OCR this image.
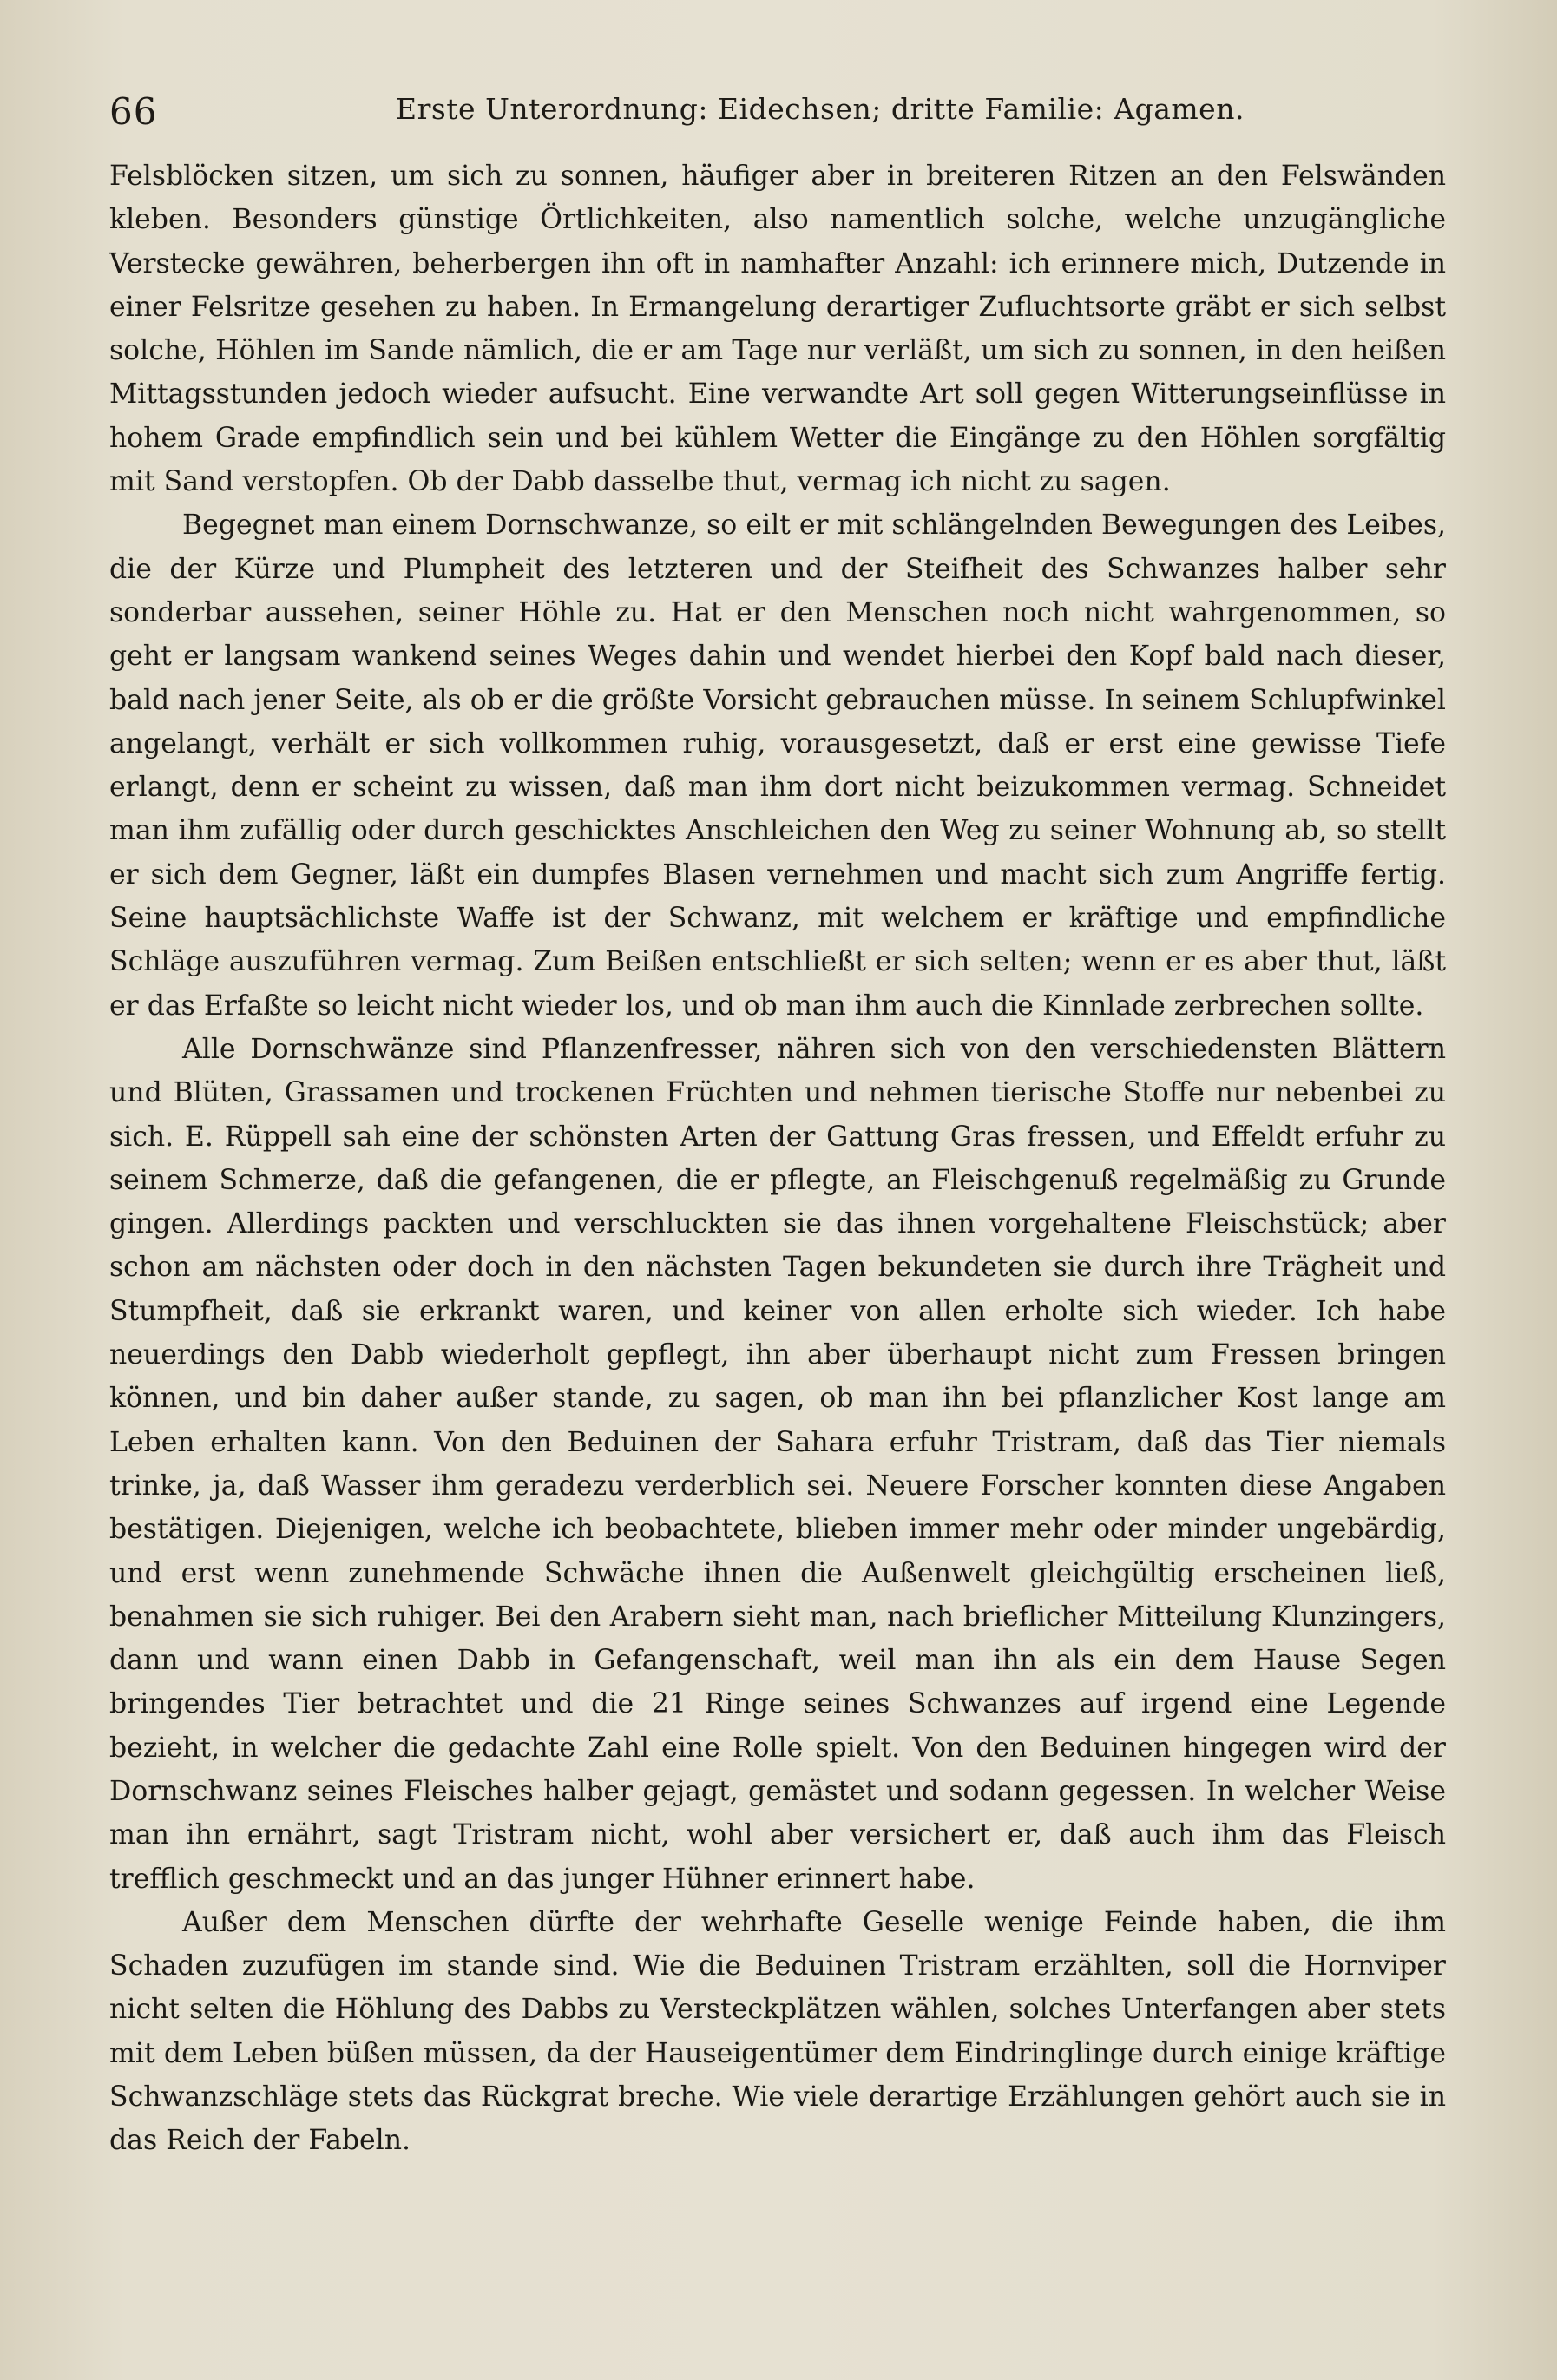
66	Erste Unterordnung: Eidechsen; dritte Familie: Agamen.

Felsblöcken sitzen, um sich zu sonnen, häufiger aber in breiteren Ritzen an den Felswänden kleben. Besonders günstige Örtlichkeiten, also namentlich solche, welche unzugängliche Verstecke gewähren, beherbergen ihn oft in namhafter Anzahl: ich erinnere mich, Dutzende in einer Felsritze gesehen zu haben. In Ermangelung derartiger Zufluchtsorte gräbt er sich selbst solche, Höhlen im Sande nämlich, die er am Tage nur verläßt, um sich zu sonnen, in den heißen Mittagsstunden jedoch wieder aufsucht. Eine verwandte Art soll gegen Witterungseinflüsse in hohem Grade empfindlich sein und bei kühlem Wetter die Eingänge zu den Höhlen sorgfältig mit Sand verstopfen. Ob der Dabb dasselbe thut, vermag ich nicht zu sagen.

Begegnet man einem Dornschwanze, so eilt er mit schlängelnden Bewegungen des Leibes, die der Kürze und Plumpheit des letzteren und der Steifheit des Schwanzes halber sehr sonderbar aussehen, seiner Höhle zu. Hat er den Menschen noch nicht wahrgenommen, so geht er langsam wankend seines Weges dahin und wendet hierbei den Kopf bald nach dieser, bald nach jener Seite, als ob er die größte Vorsicht gebrauchen müsse. In seinem Schlupfwinkel angelangt, verhält er sich vollkommen ruhig, vorausgesetzt, daß er erst eine gewisse Tiefe erlangt, denn er scheint zu wissen, daß man ihm dort nicht beizukommen vermag. Schneidet man ihm zufällig oder durch geschicktes Anschleichen den Weg zu seiner Wohnung ab, so stellt er sich dem Gegner, läßt ein dumpfes Blasen vernehmen und macht sich zum Angriffe fertig. Seine hauptsächlichste Waffe ist der Schwanz, mit welchem er kräftige und empfindliche Schläge auszuführen vermag. Zum Beißen entschließt er sich selten; wenn er es aber thut, läßt er das Erfaßte so leicht nicht wieder los, und ob man ihm auch die Kinnlade zerbrechen sollte.

Alle Dornschwänze sind Pflanzenfresser, nähren sich von den verschiedensten Blättern und Blüten, Grassamen und trockenen Früchten und nehmen tierische Stoffe nur nebenbei zu sich. E. Rüppell sah eine der schönsten Arten der Gattung Gras fressen, und Effeldt erfuhr zu seinem Schmerze, daß die gefangenen, die er pflegte, an Fleischgenuß regelmäßig zu Grunde gingen. Allerdings packten und verschluckten sie das ihnen vorgehaltene Fleischstück; aber schon am nächsten oder doch in den nächsten Tagen bekundeten sie durch ihre Trägheit und Stumpfheit, daß sie erkrankt waren, und keiner von allen erholte sich wieder. Ich habe neuerdings den Dabb wiederholt gepflegt, ihn aber überhaupt nicht zum Fressen bringen können, und bin daher außer stande, zu sagen, ob man ihn bei pflanzlicher Kost lange am Leben erhalten kann. Von den Beduinen der Sahara erfuhr Tristram, daß das Tier niemals trinke, ja, daß Wasser ihm geradezu verderblich sei. Neuere Forscher konnten diese Angaben bestätigen. Diejenigen, welche ich beobachtete, blieben immer mehr oder minder ungebärdig, und erst wenn zunehmende Schwäche ihnen die Außenwelt gleichgültig erscheinen ließ, benahmen sie sich ruhiger. Bei den Arabern sieht man, nach brieflicher Mitteilung Klunzingers, dann und wann einen Dabb in Gefangenschaft, weil man ihn als ein dem Hause Segen bringendes Tier betrachtet und die 21 Ringe seines Schwanzes auf irgend eine Legende bezieht, in welcher die gedachte Zahl eine Rolle spielt. Von den Beduinen hingegen wird der Dornschwanz seines Fleisches halber gejagt, gemästet und sodann gegessen. In welcher Weise man ihn ernährt, sagt Tristram nicht, wohl aber versichert er, daß auch ihm das Fleisch trefflich geschmeckt und an das junger Hühner erinnert habe.

Außer dem Menschen dürfte der wehrhafte Geselle wenige Feinde haben, die ihm Schaden zuzufügen im stande sind. Wie die Beduinen Tristram erzählten, soll die Hornviper nicht selten die Höhlung des Dabbs zu Versteckplätzen wählen, solches Unterfangen aber stets mit dem Leben büßen müssen, da der Hauseigentümer dem Eindringlinge durch einige kräftige Schwanzschläge stets das Rückgrat breche. Wie viele derartige Erzählungen gehört auch sie in das Reich der Fabeln.
